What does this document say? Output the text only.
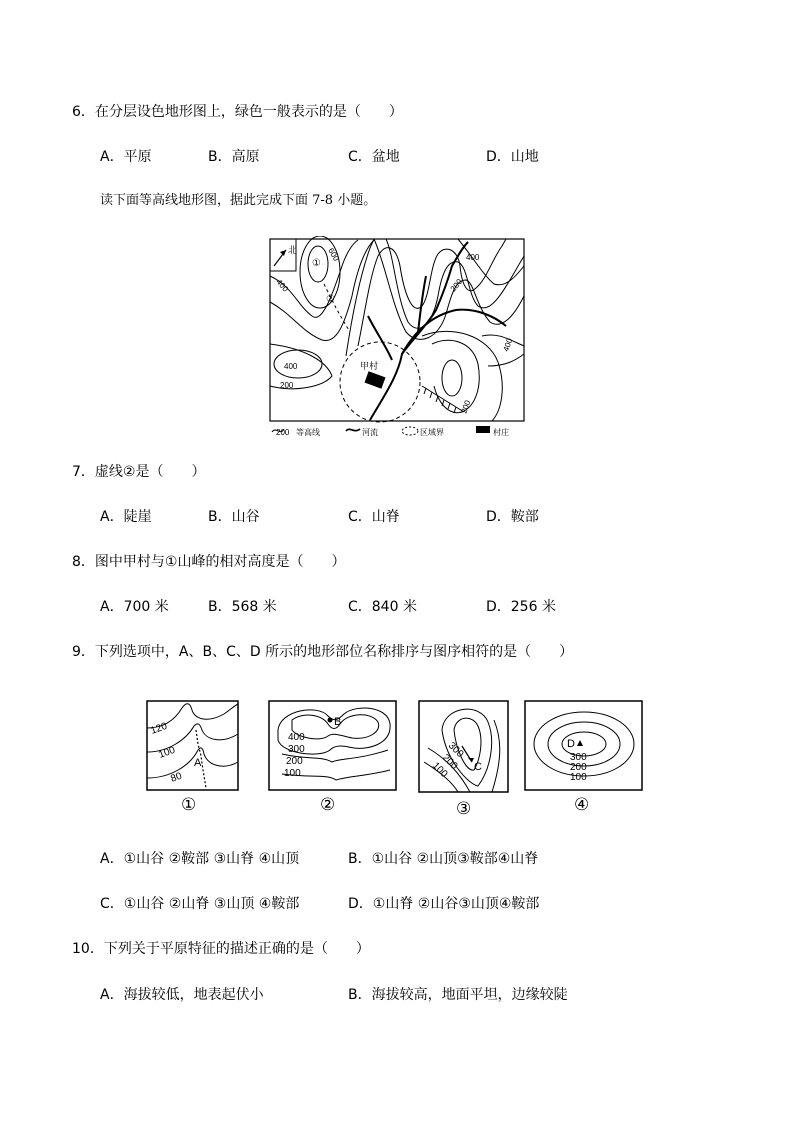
6．在分层设色地形图上，绿色一般表示的是（　　）
A．平原	B．高原	C．盆地	D．山地
读下面等高线地形图，据此完成下面 7-8 小题。
北
甲村
①
②
600
400
400
200
400
200
400
200
200 等高线	河流	区域界	村庄
7．虚线②是（　　）
A．陡崖	B．山谷	C．山脊	D．鞍部
8．图中甲村与①山峰的相对高度是（　　）
A．700 米	B．568 米	C．840 米	D．256 米
9．下列选项中，A、B、C、D 所示的地形部位名称排序与图序相符的是（　　）
120
100
80
A
①
B
400
300
200
100
②
C
300
200
100
③
D
300
200
100
④
A．①山谷 ②鞍部 ③山脊 ④山顶	B．①山谷 ②山顶③鞍部④山脊
C．①山谷 ②山脊 ③山顶 ④鞍部	D．①山脊 ②山谷③山顶④鞍部
10．下列关于平原特征的描述正确的是（　　）
A．海拔较低，地表起伏小	B．海拔较高，地面平坦，边缘较陡
